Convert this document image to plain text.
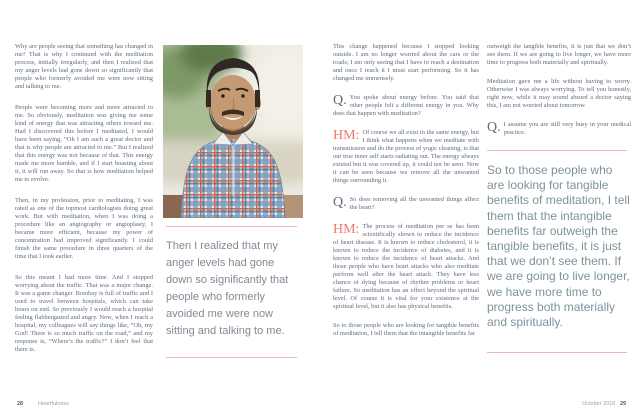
Why are people seeing that something has changed in me? That is why I continued with the meditation process, initially irregularly, and then I realized that my anger levels had gone down so significantly that people who formerly avoided me were now sitting and talking to me.

People were becoming more and more attracted to me. So obviously, meditation was giving me some kind of energy that was attracting others toward me. Had I discovered this before I meditated, I would have been saying, “Oh I am such a great doctor and that is why people are attracted to me.” But I realized that this energy was not because of that. This energy made me more humble, and if I start boasting about it, it will run away. So that is how meditation helped me to evolve.

Then, in my profession, prior to meditating, I was rated as one of the topmost cardiologists doing great work. But with meditation, when I was doing a procedure like an angiography or angioplasty, I became more efficient, because my power of concentration had improved significantly. I could finish the same procedure in three quarters of the time that I took earlier.

So this meant I had more time. And I stopped worrying about the traffic. That was a major change. It was a game changer. Bombay is full of traffic and I used to travel between hospitals, which can take hours on end. So previously I would reach a hospital feeling flabbergasted and angry. Now, when I reach a hospital, my colleagues will say things like, “Oh, my God! There is so much traffic on the road,” and my response is, “Where’s the traffic?” I don’t feel that there is.

Then I realized that my anger levels had gone down so significantly that people who formerly avoided me were now sitting and talking to me.
28	Heartfulness

This change happened because I stopped looking outside. I am no longer worried about the cars or the roads; I am only seeing that I have to reach a destination and once I reach it I must start performing. So it has changed me immensely.

Q. You spoke about energy before. You said that other people felt a different energy in you. Why does that happen with meditation?

HM: Of course we all exist in the same energy, but I think what happens when we meditate with transmission and do the process of yogic cleaning, is that our true inner self starts radiating out. The energy always existed but it was covered up, it could not be seen. Now it can be seen because we remove all the unwanted things surrounding it.

Q. So does removing all the unwanted things affect the heart?

HM: The process of meditation per se has been scientifically shown to reduce the incidence of heart disease. It is known to reduce cholesterol, it is known to reduce the incidence of diabetes, and it is known to reduce the incidence of heart attacks. And those people who have heart attacks who also meditate perform well after the heart attack. They have less chance of dying because of rhythm problems or heart failure. So meditation has an effect beyond the spiritual level. Of course it is vital for your existence at the spiritual level, but it also has physical benefits.

So to those people who are looking for tangible benefits of meditation, I tell them that the intangible benefits far

outweigh the tangible benefits, it is just that we don’t see them. If we are going to live longer, we have more time to progress both materially and spiritually.

Meditation gave me a life without having to worry. Otherwise I was always worrying. To tell you honestly, right now, while it may sound absurd a doctor saying this, I am not worried about tomorrow.

Q. I assume you are still very busy in your medical practice.

So to those people who are looking for tangible benefits of meditation, I tell them that the intangible benefits far outweigh the tangible benefits, it is just that we don’t see them. If we are going to live longer, we have more time to progress both materially and spiritually.
October 2016 29
